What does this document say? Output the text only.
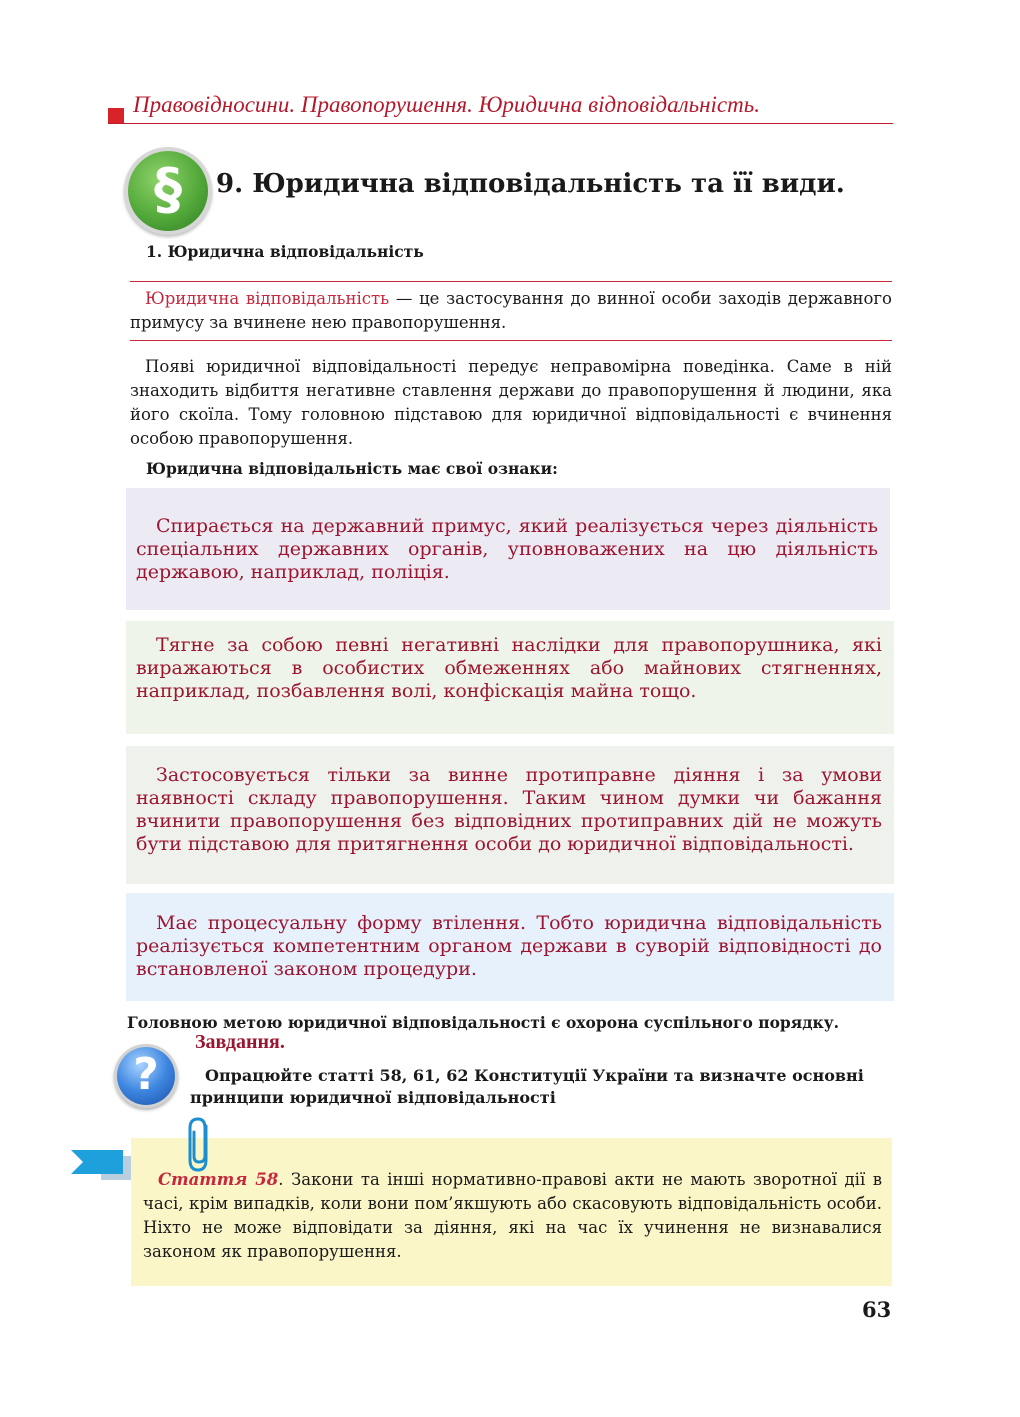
Правовідносини. Правопорушення. Юридична відповідальність.
§	9. Юридична відповідальність та її види.
1. Юридична відповідальність
Юридична відповідальність — це застосування до винної особи заходів державного примусу за вчинене нею правопорушення.
Появі юридичної відповідальності передує неправомірна поведінка. Саме в ній знаходить відбиття негативне ставлення держави до правопорушення й людини, яка його скоїла. Тому головною підставою для юридичної відповідальності є вчинення особою правопорушення.
Юридична відповідальність має свої ознаки:

Спирається на державний примус, який реалізується через діяльність спеціальних державних органів, уповноважених на цю діяльність державою, наприклад, поліція.

Тягне за собою певні негативні наслідки для правопорушника, які виражаються в особистих обмеженнях або майнових стягненнях, наприклад, позбавлення волі, конфіскація майна тощо.

Застосовується тільки за винне протиправне діяння і за умови наявності складу правопорушення. Таким чином думки чи бажання вчинити правопорушення без відповідних протиправних дій не можуть бути підставою для притягнення особи до юридичної відповідальності.

Має процесуальну форму втілення. Тобто юридична відповідальність реалізується компетентним органом держави в суворій відповідності до встановленої законом процедури.

Головною метою юридичної відповідальності є охорона суспільного порядку.
?
Завдання.
Опрацюйте статті 58, 61, 62 Конституції України та визначте основні принципи юридичної відповідальності

Стаття 58. Закони та інші нормативно-правові акти не мають зворотної дії в часі, крім випадків, коли вони пом’якшують або скасовують відповідальність особи. Ніхто не може відповідати за діяння, які на час їх учинення не визнавалися законом як правопорушення.

63
